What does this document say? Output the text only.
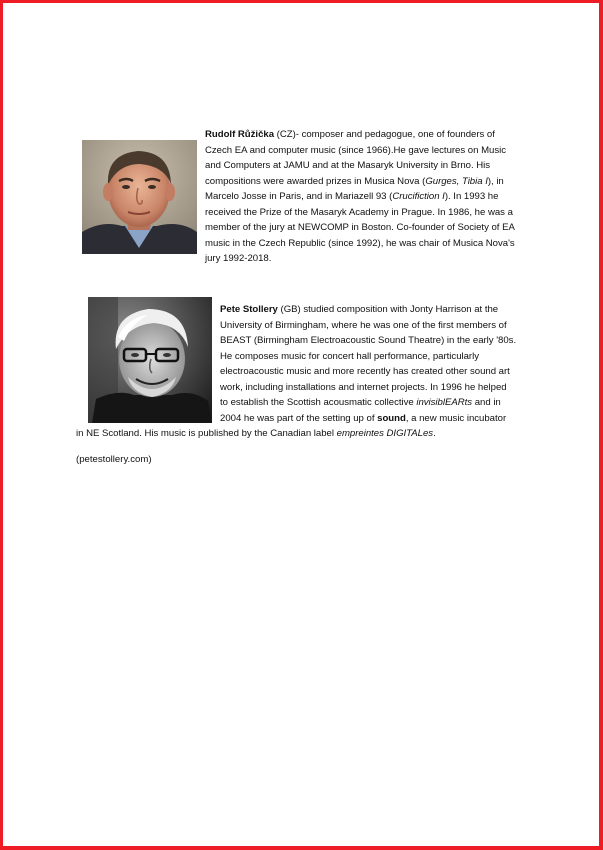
Rudolf Růžička (CZ)- composer and pedagogue, one of founders of
Czech EA and computer music (since 1966).He gave lectures on Music
and Computers at JAMU and at the Masaryk University in Brno. His
compositions were awarded prizes in Musica Nova (Gurges, Tibia I), in
Marcelo Josse in Paris, and in Mariazell 93 (Crucifiction I). In 1993 he
received the Prize of the Masaryk Academy in Prague. In 1986, he was a
member of the jury at NEWCOMP in Boston. Co-founder of Society of EA
music in the Czech Republic (since 1992), he was chair of Musica Nova's
jury 1992-2018.
Pete Stollery (GB) studied composition with Jonty Harrison at the
University of Birmingham, where he was one of the first members of
BEAST (Birmingham Electroacoustic Sound Theatre) in the early '80s.
He composes music for concert hall performance, particularly
electroacoustic music and more recently has created other sound art
work, including installations and internet projects. In 1996 he helped
to establish the Scottish acousmatic collective invisiblEARts and in
2004 he was part of the setting up of sound, a new music incubator
in NE Scotland. His music is published by the Canadian label empreintes DIGITALes.
(petestollery.com)
